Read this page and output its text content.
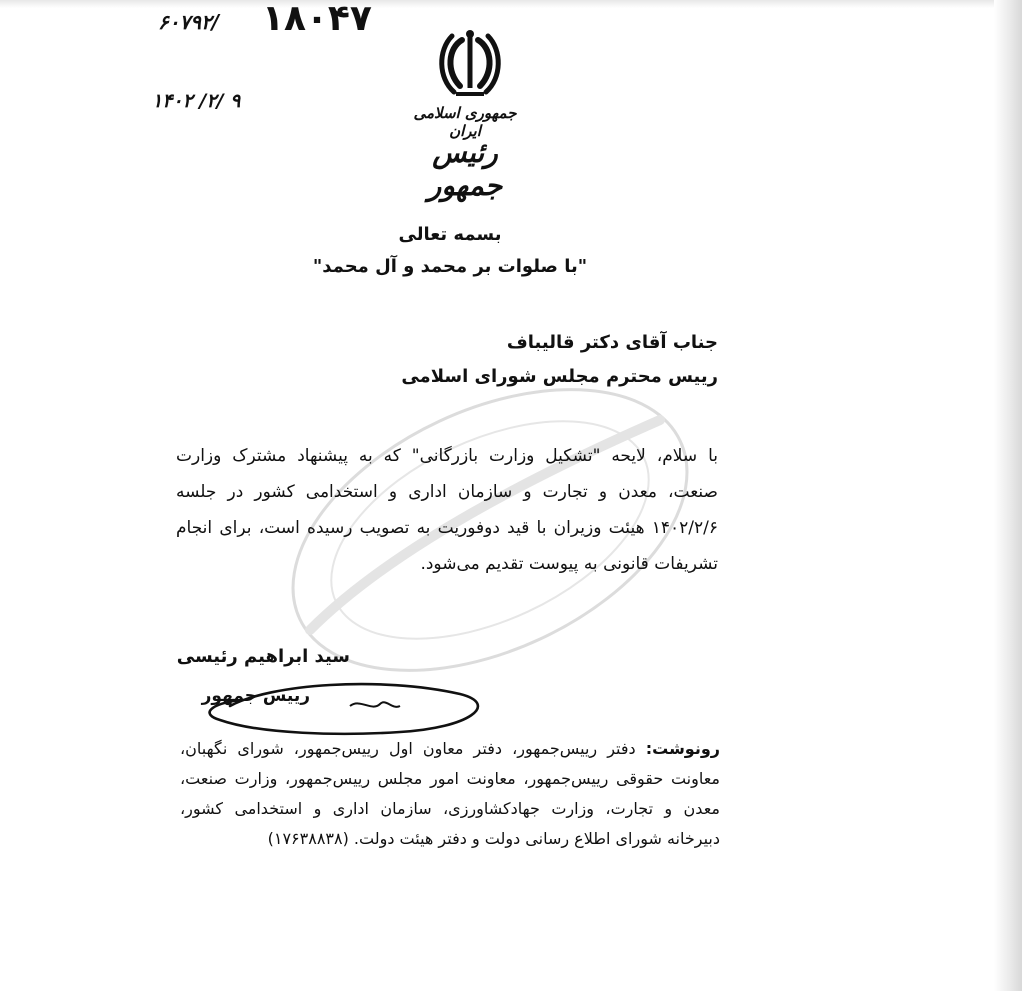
۶۰۷۹۲/ ۱۸۰۴۷
۱۴۰۲ /۲/ ۹
جمهوری اسلامی ایران
رئیس جمهور
بسمه تعالی
"با صلوات بر محمد و آل محمد"
جناب آقای دکتر قالیباف
رییس محترم مجلس شورای اسلامی
با سلام، لایحه "تشکیل وزارت بازرگانی" که به پیشنهاد مشترک وزارت صنعت، معدن و تجارت و سازمان اداری و استخدامی کشور در جلسه ۱۴۰۲/۲/۶ هیئت وزیران با قید دوفوریت به تصویب رسیده است، برای انجام تشریفات قانونی به پیوست تقدیم می‌شود.
سید ابراهیم رئیسی
رییس جمهور
رونوشت: دفتر رییس‌جمهور، دفتر معاون اول رییس‌جمهور، شورای نگهبان، معاونت حقوقی رییس‌جمهور، معاونت امور مجلس رییس‌جمهور، وزارت صنعت، معدن و تجارت، وزارت جهادکشاورزی، سازمان اداری و استخدامی کشور، دبیرخانه شورای اطلاع رسانی دولت و دفتر هیئت دولت. (۱۷۶۳۸۸۳۸)
